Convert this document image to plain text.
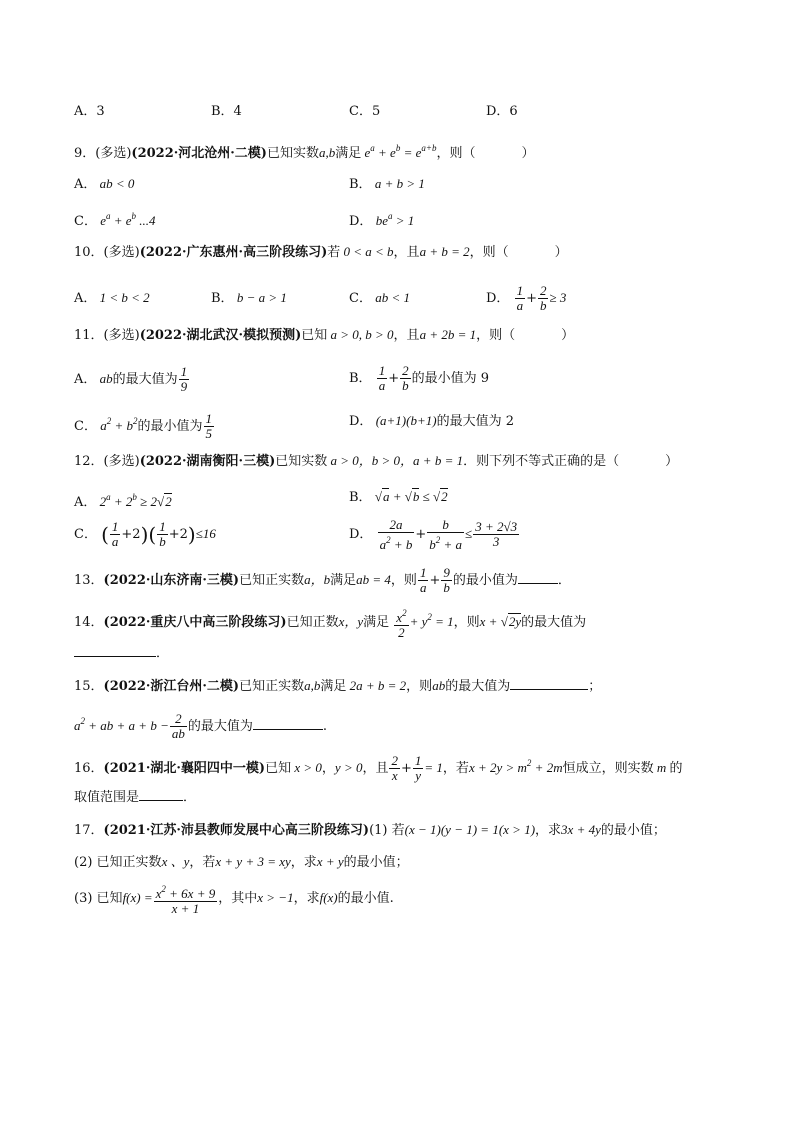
A．3	B．4	C．5	D．6
9．(多选)(2022·河北沧州·二模)已知实数a,b满足 $e^a + e^b = e^{a+b}$，则（	）
A． ab < 0	B． a + b > 1
C． $e^a + e^b$ ...4	D． $be^a > 1$
10．(多选)(2022·广东惠州·高三阶段练习)若 0 < a < b，且a + b = 2，则（	）
A． 1 < b < 2	B． b − a > 1	C． ab < 1	D． $\frac{1}{a} + \frac{2}{b} \ge 3$
11．(多选)(2022·湖北武汉·模拟预测)已知 a > 0, b > 0，且a + 2b = 1，则（	）
A． ab的最大值为 $\frac{1}{9}$	B． $\frac{1}{a} + \frac{2}{b}$ 的最小值为 9
C． $a^2 + b^2$的最小值为 $\frac{1}{5}$	D． (a+1)(b+1)的最大值为 2
12．(多选)(2022·湖南衡阳·三模)已知实数 a > 0，b > 0，a + b = 1．则下列不等式正确的是（	）
A． $2^a + 2^b \ge 2√2$	B． √a + √b ≤ √2
C． ( $\frac{1}{a} +2)( \frac{1}{b} +2)\le 16$	D． $\frac{2a}{a^2 + b} + \frac{b}{b^2 + a} \le \frac{3 + 2√3}{3}$
13．(2022·山东济南·三模)已知正实数a，b满足ab = 4，则 $\frac{1}{a} + \frac{9}{b}$ 的最小值为	．
14．(2022·重庆八中高三阶段练习)已知正数x，y满足 $\frac{x^2}{2} + y^2 = 1$，则x + √2y的最大值为
．
15．(2022·浙江台州·二模)已知正实数a,b满足 2a + b = 2，则ab的最大值为	；
$a^2$ + ab + $a + b - \frac{2}{ab}$ 的最大值为	.
16．(2021·湖北·襄阳四中一模)已知 x > 0，y > 0，且 $\frac{2}{x} + \frac{1}{y} = 1$，若$x + 2y > m^2 + 2m$恒成立，则实数 m 的
取值范围是	．
17．(2021·江苏·沛县教师发展中心高三阶段练习)(1) 若(x − 1)(y − 1) = 1(x > 1)，求3x + 4y的最小值；
(2) 已知正实数x 、y，若x + y + 3 = xy，求x + y的最小值；
(3) 已知$f(x) = \frac{x^2 + 6x + 9}{x + 1}$ ，其中x > −1，求f(x)的最小值.
